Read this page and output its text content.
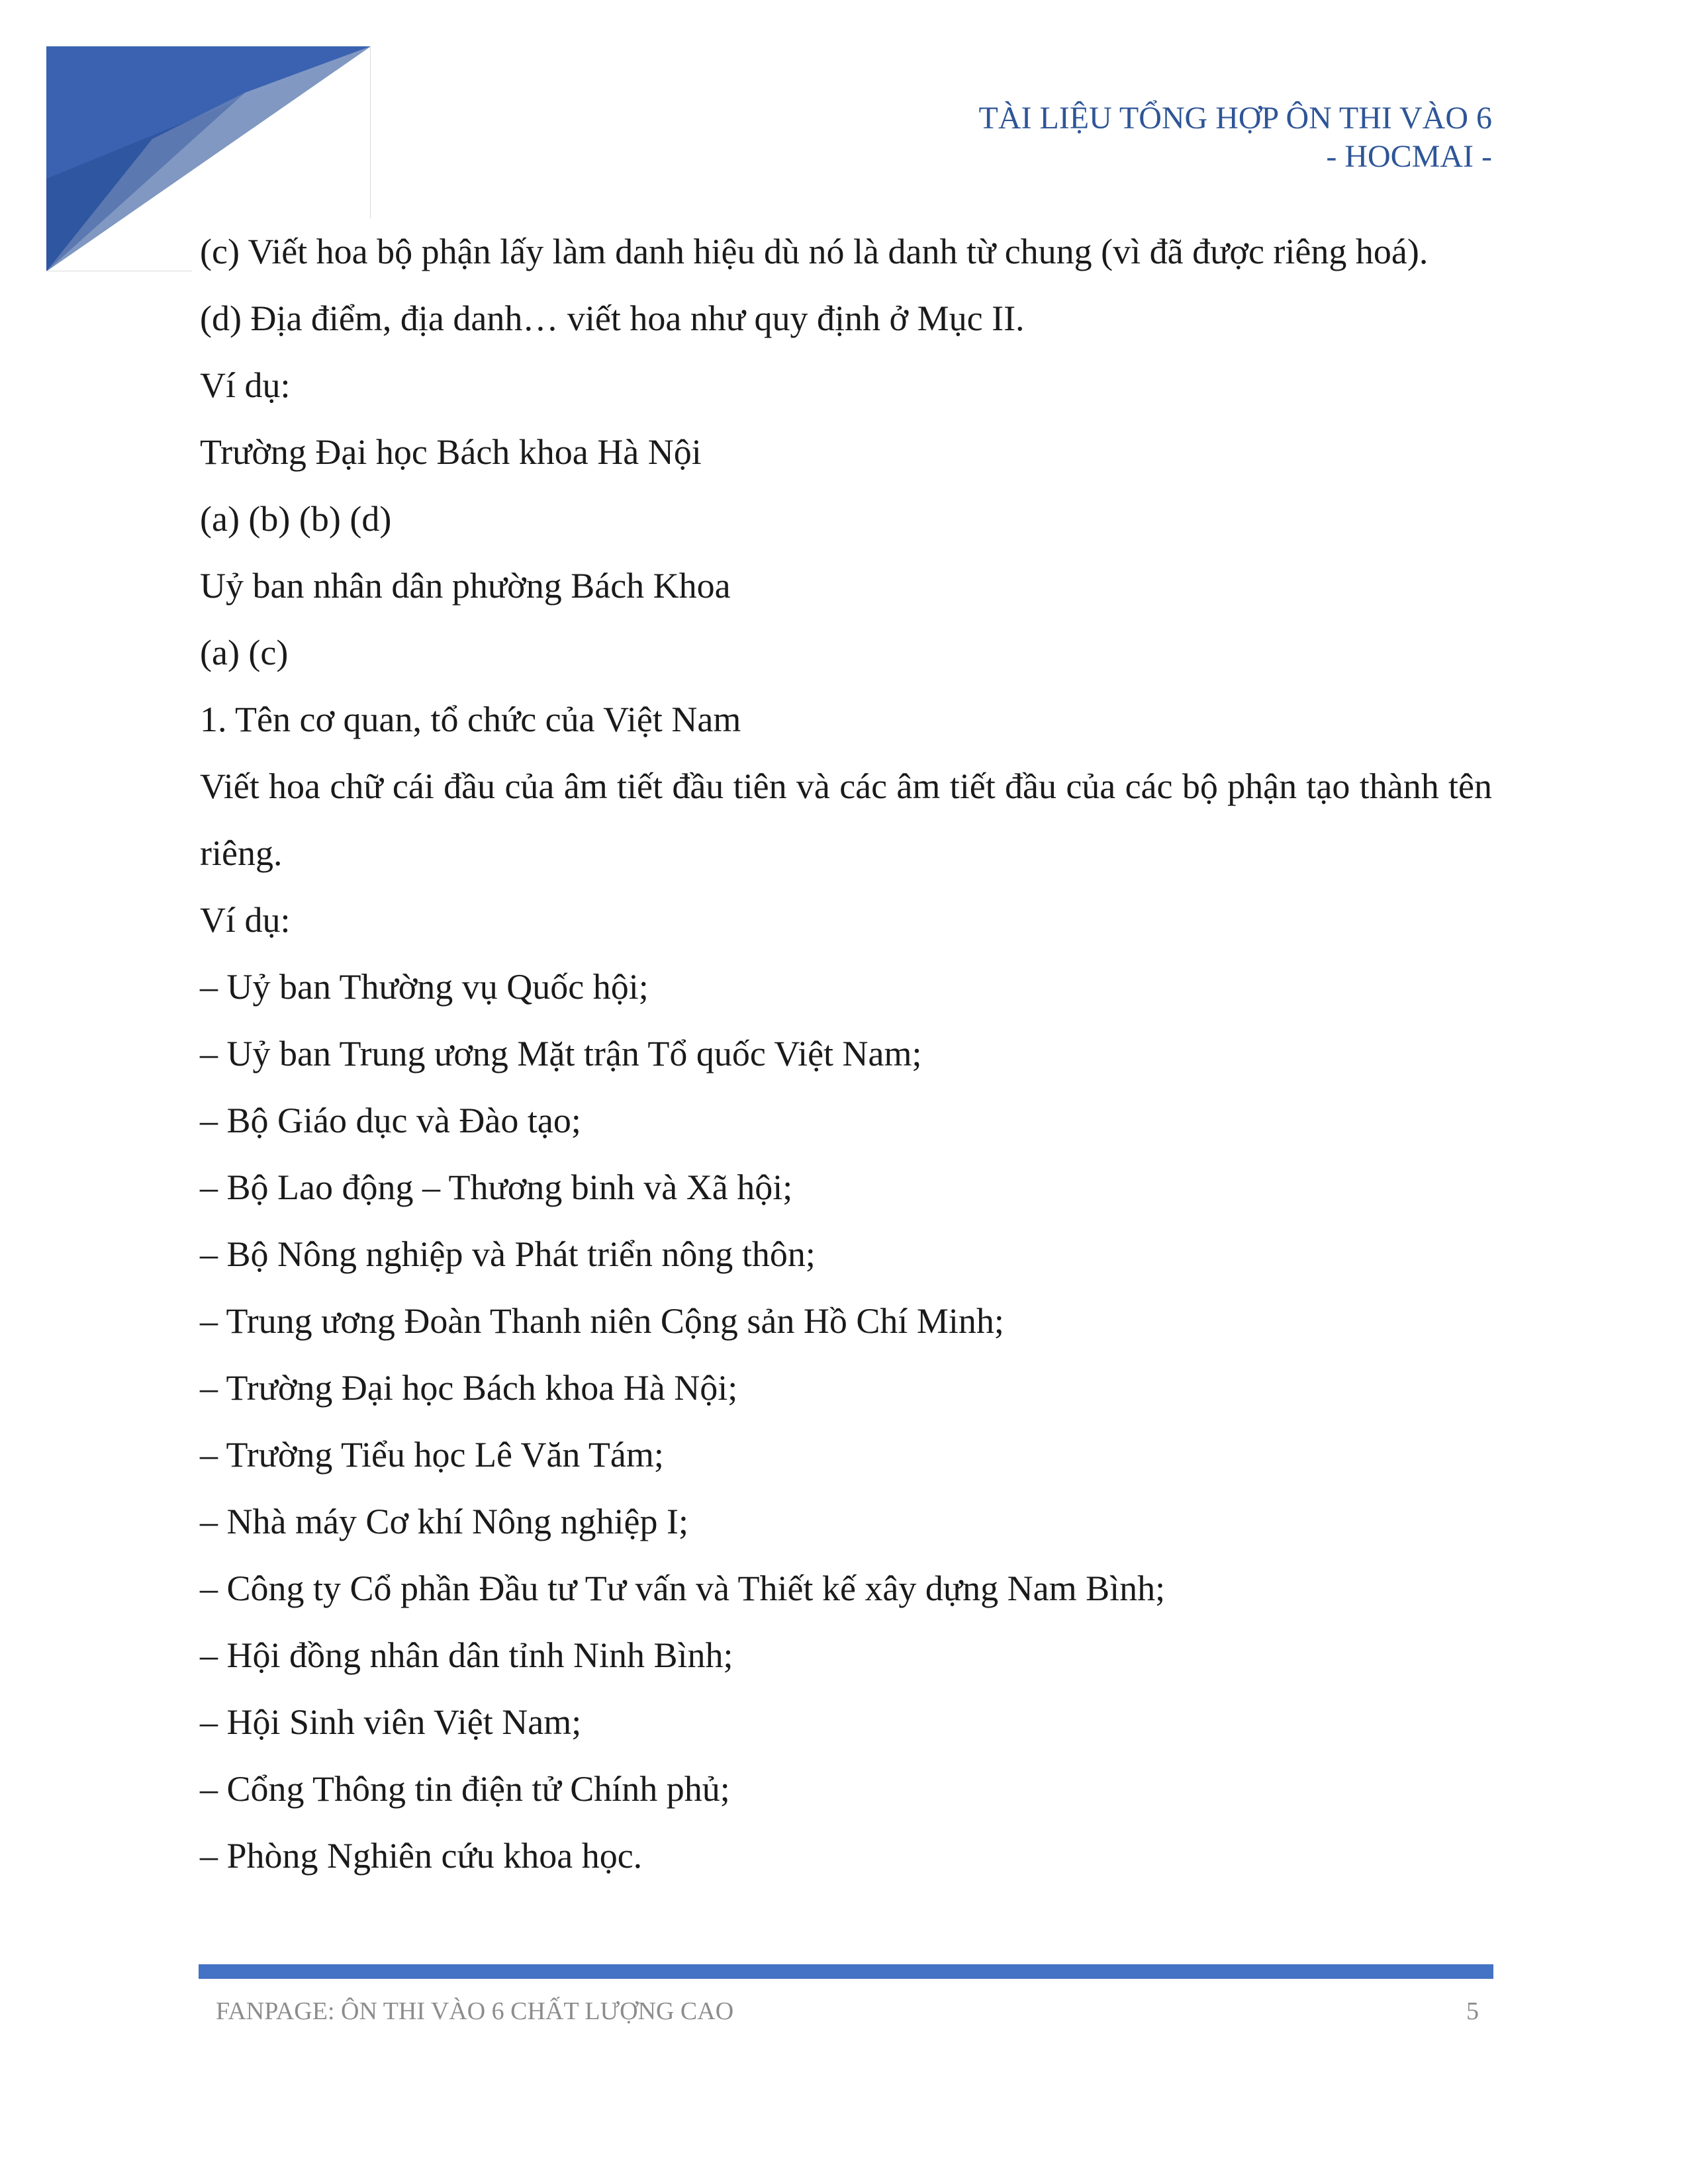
TÀI LIỆU TỔNG HỢP ÔN THI VÀO 6
- HOCMAI -

(c) Viết hoa bộ phận lấy làm danh hiệu dù nó là danh từ chung (vì đã được riêng hoá).

(d) Địa điểm, địa danh… viết hoa như quy định ở Mục II.

Ví dụ:

Trường Đại học Bách khoa Hà Nội

(a) (b) (b) (d)

Uỷ ban nhân dân phường Bách Khoa

(a) (c)

1. Tên cơ quan, tổ chức của Việt Nam

Viết hoa chữ cái đầu của âm tiết đầu tiên và các âm tiết đầu của các bộ phận tạo thành tên riêng.

Ví dụ:

– Uỷ ban Thường vụ Quốc hội;

– Uỷ ban Trung ương Mặt trận Tổ quốc Việt Nam;

– Bộ Giáo dục và Đào tạo;

– Bộ Lao động – Thương binh và Xã hội;

– Bộ Nông nghiệp và Phát triển nông thôn;

– Trung ương Đoàn Thanh niên Cộng sản Hồ Chí Minh;

– Trường Đại học Bách khoa Hà Nội;

– Trường Tiểu học Lê Văn Tám;

– Nhà máy Cơ khí Nông nghiệp I;

– Công ty Cổ phần Đầu tư Tư vấn và Thiết kế xây dựng Nam Bình;

– Hội đồng nhân dân tỉnh Ninh Bình;

– Hội Sinh viên Việt Nam;

– Cổng Thông tin điện tử Chính phủ;

– Phòng Nghiên cứu khoa học.

FANPAGE: ÔN THI VÀO 6 CHẤT LƯỢNG CAO	5
